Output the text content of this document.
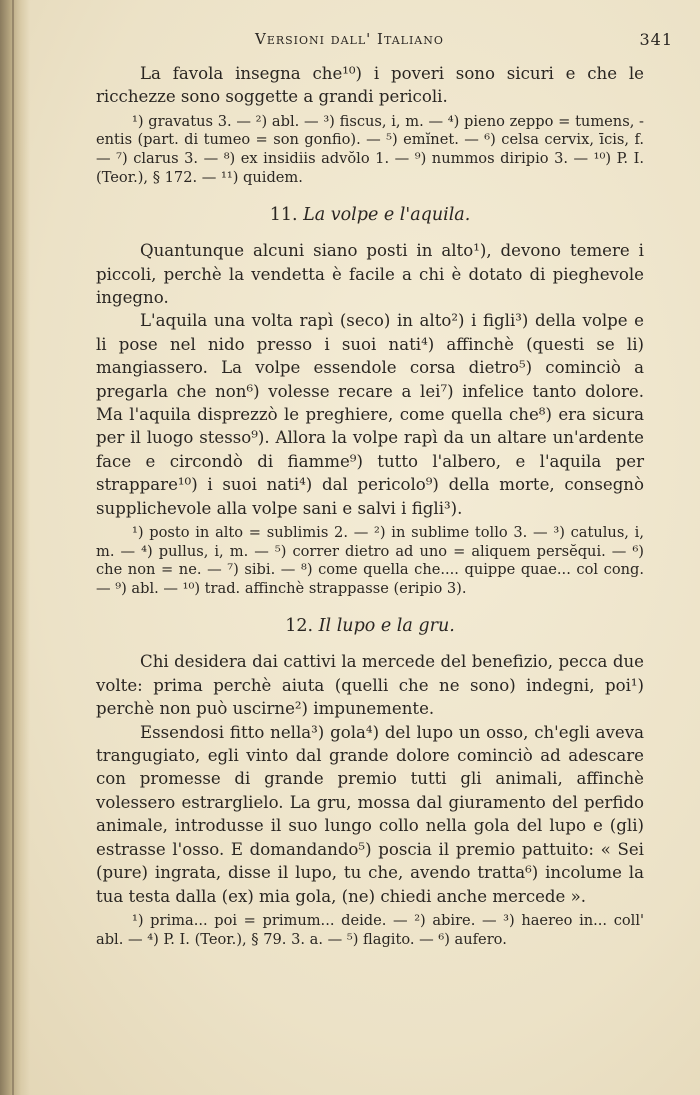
Versioni dall' Italiano	341

La favola insegna che¹⁰) i poveri sono sicuri e che le ricchezze sono soggette a grandi pericoli.

¹) gravatus 3. — ²) abl. — ³) fiscus, i, m. — ⁴) pieno zeppo = tumens, -entis (part. di tumeo = son gonfio). — ⁵) emĭnet. — ⁶) celsa cervix, īcis, f. — ⁷) clarus 3. — ⁸) ex insidiis advŏlo 1. — ⁹) nummos diripio 3. — ¹⁰) P. I. (Teor.), § 172. — ¹¹) quidem.

11. La volpe e l'aquila.

Quantunque alcuni siano posti in alto¹), devono temere i piccoli, perchè la vendetta è facile a chi è dotato di pieghevole ingegno.

L'aquila una volta rapì (seco) in alto²) i figli³) della volpe e li pose nel nido presso i suoi nati⁴) affinchè (questi se li) mangiassero. La volpe essendole corsa dietro⁵) cominciò a pregarla che non⁶) volesse recare a lei⁷) infelice tanto dolore. Ma l'aquila disprezzò le preghiere, come quella che⁸) era sicura per il luogo stesso⁹). Allora la volpe rapì da un altare un'ardente face e circondò di fiamme⁹) tutto l'albero, e l'aquila per strappare¹⁰) i suoi nati⁴) dal pericolo⁹) della morte, consegnò supplichevole alla volpe sani e salvi i figli³).

¹) posto in alto = sublimis 2. — ²) in sublime tollo 3. — ³) catulus, i, m. — ⁴) pullus, i, m. — ⁵) correr dietro ad uno = aliquem persĕqui. — ⁶) che non = ne. — ⁷) sibi. — ⁸) come quella che.... quippe quae... col cong. — ⁹) abl. — ¹⁰) trad. affinchè strappasse (eripio 3).

12. Il lupo e la gru.

Chi desidera dai cattivi la mercede del benefizio, pecca due volte: prima perchè aiuta (quelli che ne sono) indegni, poi¹) perchè non può uscirne²) impunemente.

Essendosi fitto nella³) gola⁴) del lupo un osso, ch'egli aveva trangugiato, egli vinto dal grande dolore cominciò ad adescare con promesse di grande premio tutti gli animali, affinchè volessero estrarglielo. La gru, mossa dal giuramento del perfido animale, introdusse il suo lungo collo nella gola del lupo e (gli) estrasse l'osso. E domandando⁵) poscia il premio pattuito: « Sei (pure) ingrata, disse il lupo, tu che, avendo tratta⁶) incolume la tua testa dalla (ex) mia gola, (ne) chiedi anche mercede ».

¹) prima... poi = primum... deide. — ²) abire. — ³) haereo in... coll' abl. — ⁴) P. I. (Teor.), § 79. 3. a. — ⁵) flagito. — ⁶) aufero.
